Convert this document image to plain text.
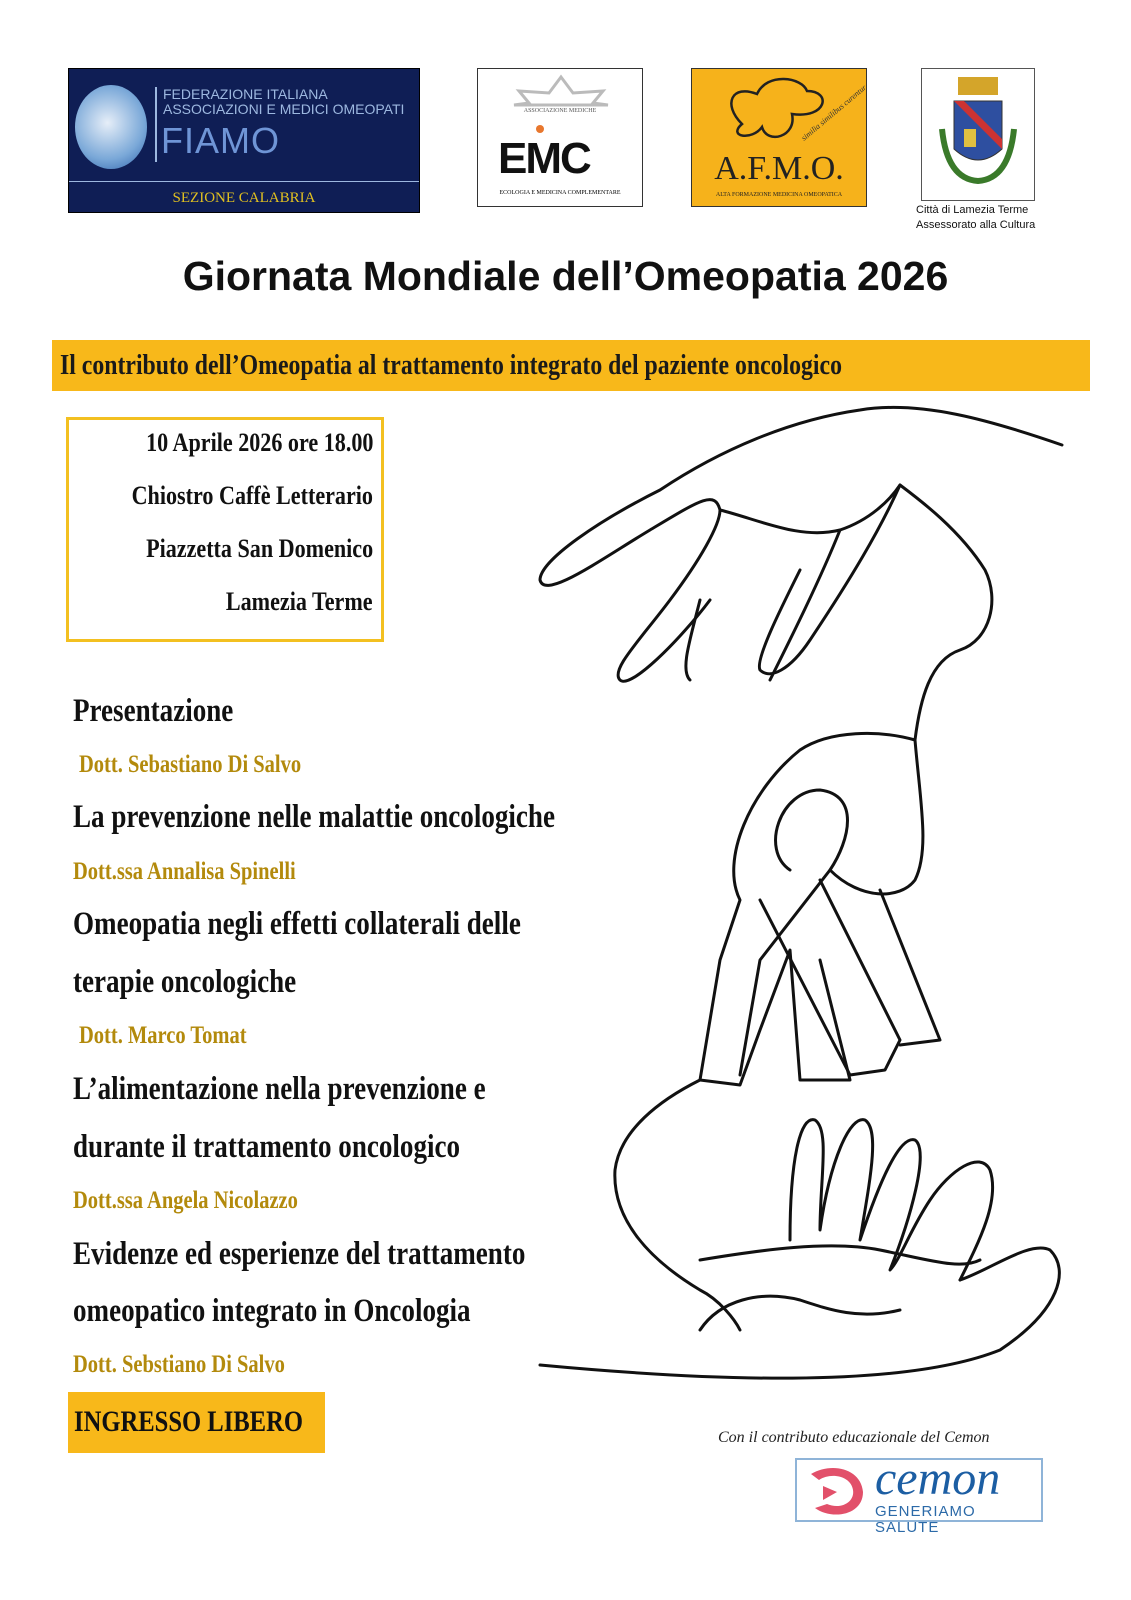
FEDERAZIONE ITALIANA
ASSOCIAZIONI E MEDICI OMEOPATI
FIAMO
SEZIONE CALABRIA
ASSOCIAZIONE MEDICHE
EMC
ECOLOGIA E MEDICINA COMPLEMENTARE
similia similibus curentur
A.F.M.O.
ALTA FORMAZIONE MEDICINA OMEOPATICA
Città di Lamezia Terme
Assessorato alla Cultura
Giornata Mondiale dell’Omeopatia 2026
Il contributo dell’Omeopatia al trattamento integrato del paziente oncologico
10 Aprile 2026 ore 18.00
Chiostro Caffè Letterario
Piazzetta San Domenico
Lamezia Terme
Presentazione
Dott. Sebastiano Di Salvo
La prevenzione nelle malattie oncologiche
Dott.ssa Annalisa Spinelli
Omeopatia negli effetti collaterali delle
terapie oncologiche
Dott. Marco Tomat
L’alimentazione nella prevenzione e
durante il trattamento oncologico
Dott.ssa Angela Nicolazzo
Evidenze ed esperienze del trattamento
omeopatico integrato in Oncologia
Dott. Sebstiano Di Salvo
INGRESSO LIBERO	Con il contributo educazionale del Cemon
cemon
GENERIAMO SALUTE
